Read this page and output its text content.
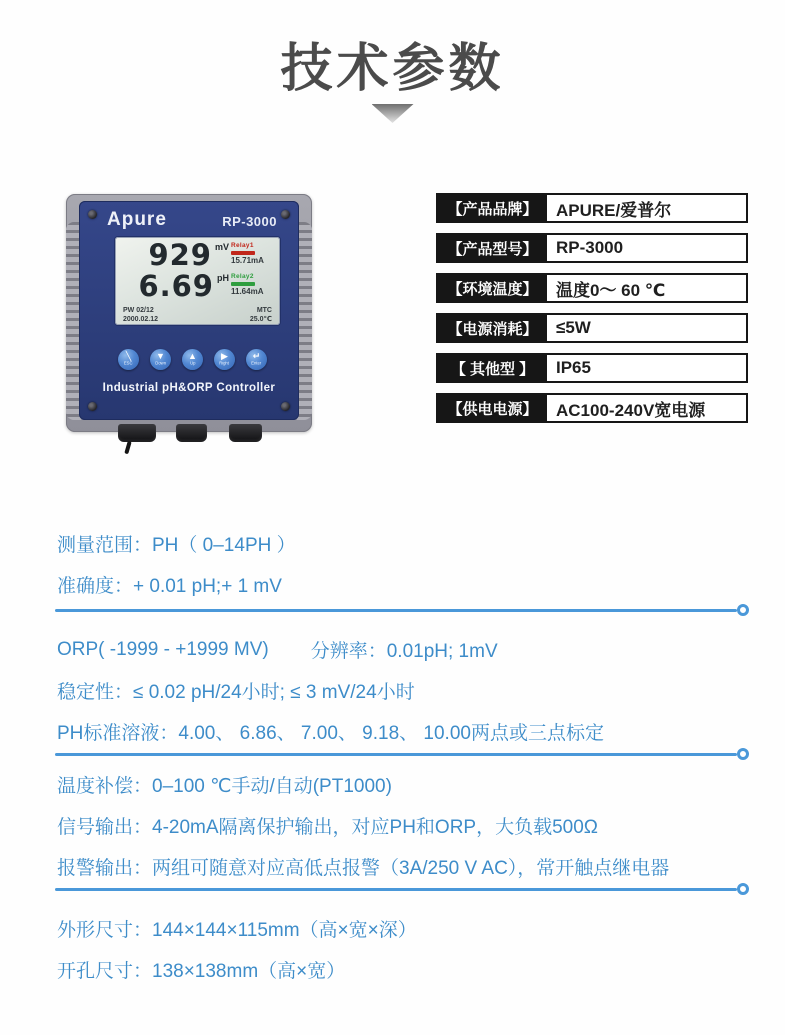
技术参数
Apure	RP-3000
929 mV Relay1
15.71mA
6.69 pH Relay2
11.64mA
PW 02/12
2000.02.12
MTC
25.0℃
╲
ESC
▼
Down
▲
Up
▶
Right
↵
Enter
Industrial pH&ORP Controller
【产品品牌】	APURE/爱普尔
【产品型号】	RP-3000
【环境温度】	温度0～ 60 ℃
【电源消耗】	≤5W
【 其他型 】	IP65
【供电电源】	AC100-240V宽电源
测量范围：PH（ 0–14PH ）
准确度：+ 0.01 pH;+ 1 mV
ORP( -1999 - +1999 MV) 分辨率：0.01pH; 1mV
稳定性：≤ 0.02 pH/24小时; ≤ 3 mV/24小时
PH标准溶液：4.00、 6.86、 7.00、 9.18、 10.00两点或三点标定
温度补偿：0–100 ℃手动/自动(PT1000)
信号输出：4-20mA隔离保护输出，对应PH和ORP，大负载500Ω
报警输出：两组可随意对应高低点报警（3A/250 V AC），常开触点继电器
外形尺寸：144×144×115mm（高×宽×深）
开孔尺寸：138×138mm（高×宽）
